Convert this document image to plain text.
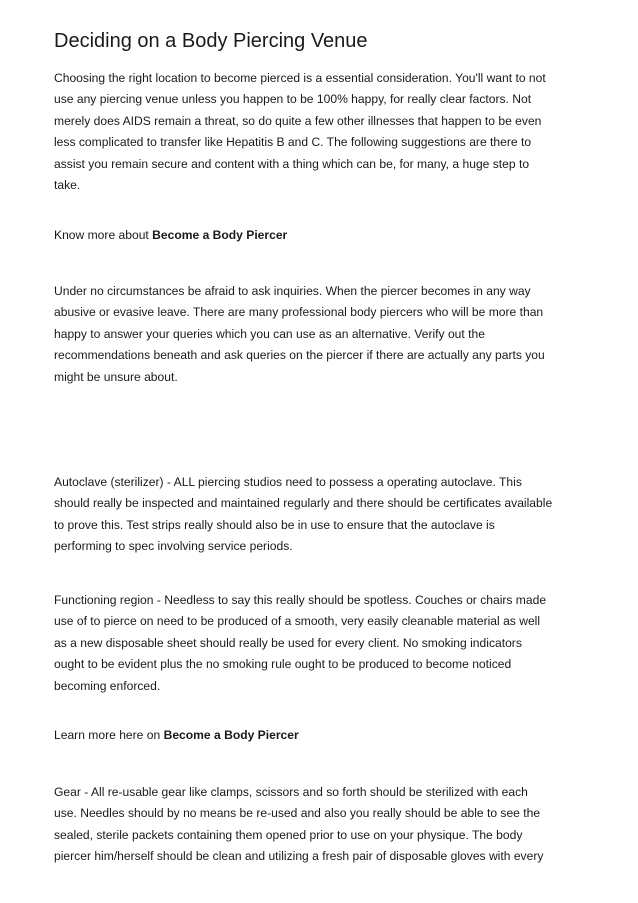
Deciding on a Body Piercing Venue

Choosing the right location to become pierced is a essential consideration. You'll want to not
use any piercing venue unless you happen to be 100% happy, for really clear factors. Not
merely does AIDS remain a threat, so do quite a few other illnesses that happen to be even
less complicated to transfer like Hepatitis B and C. The following suggestions are there to
assist you remain secure and content with a thing which can be, for many, a huge step to
take.

Know more about Become a Body Piercer

Under no circumstances be afraid to ask inquiries. When the piercer becomes in any way
abusive or evasive leave. There are many professional body piercers who will be more than
happy to answer your queries which you can use as an alternative. Verify out the
recommendations beneath and ask queries on the piercer if there are actually any parts you
might be unsure about.

Autoclave (sterilizer) - ALL piercing studios need to possess a operating autoclave. This
should really be inspected and maintained regularly and there should be certificates available
to prove this. Test strips really should also be in use to ensure that the autoclave is
performing to spec involving service periods.

Functioning region - Needless to say this really should be spotless. Couches or chairs made
use of to pierce on need to be produced of a smooth, very easily cleanable material as well
as a new disposable sheet should really be used for every client. No smoking indicators
ought to be evident plus the no smoking rule ought to be produced to become noticed
becoming enforced.

Learn more here on Become a Body Piercer

Gear - All re-usable gear like clamps, scissors and so forth should be sterilized with each
use. Needles should by no means be re-used and also you really should be able to see the
sealed, sterile packets containing them opened prior to use on your physique. The body
piercer him/herself should be clean and utilizing a fresh pair of disposable gloves with every
